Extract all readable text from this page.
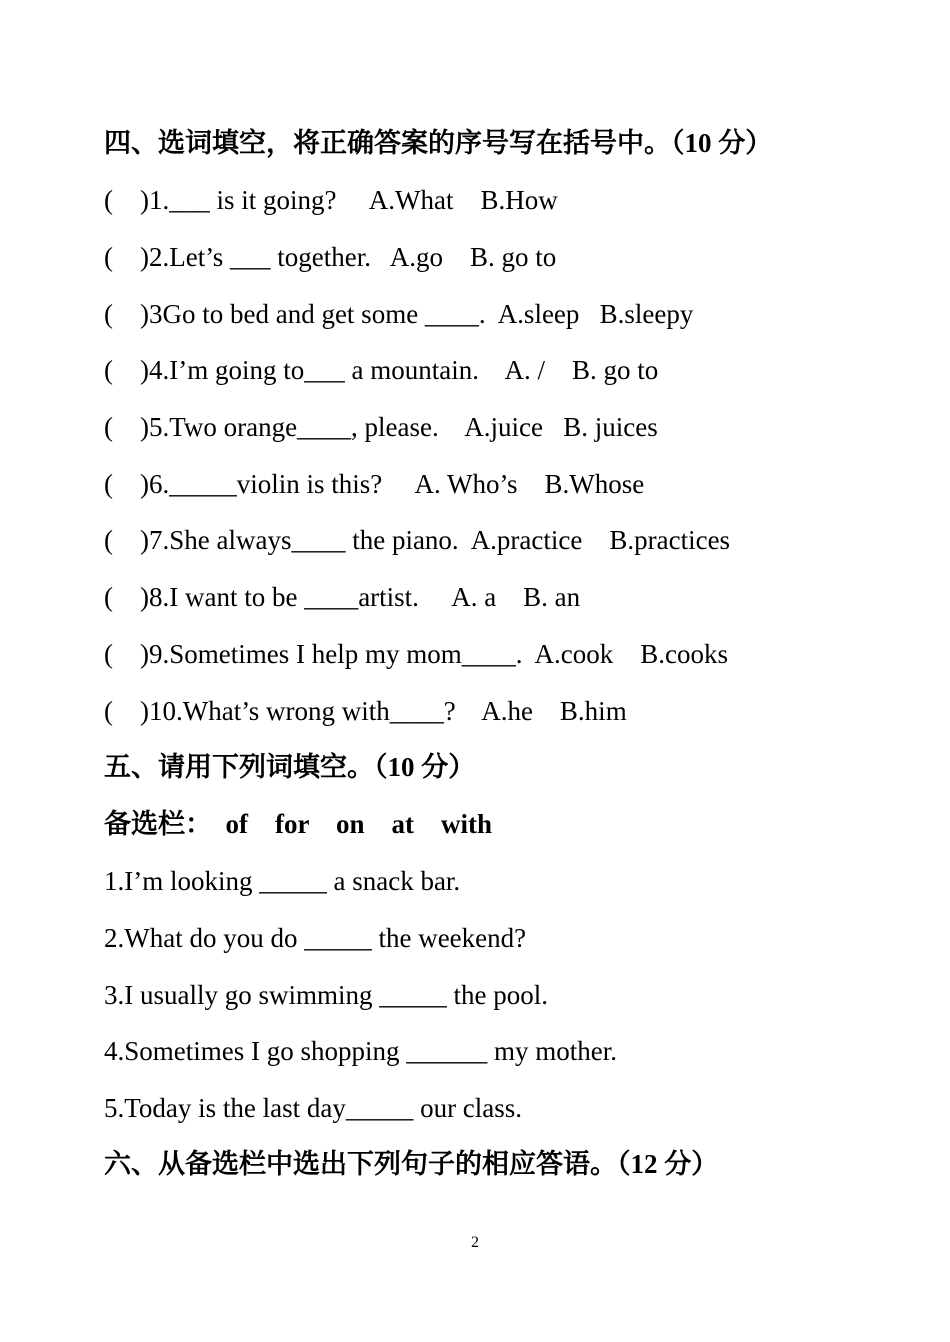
四、选词填空，将正确答案的序号写在括号中。（10 分）
(    )1.___ is it going?     A.What    B.How
(    )2.Let’s ___ together.   A.go    B. go to
(    )3Go to bed and get some ____.  A.sleep   B.sleepy
(    )4.I’m going to___ a mountain.    A. /    B. go to
(    )5.Two orange____, please.    A.juice   B. juices
(    )6._____violin is this?     A. Who’s    B.Whose
(    )7.She always____ the piano.  A.practice    B.practices
(    )8.I want to be ____artist.     A. a    B. an
(    )9.Sometimes I help my mom____.  A.cook    B.cooks
(    )10.What’s wrong with____?    A.he    B.him
五、请用下列词填空。（10 分）
备选栏：  of    for    on    at    with
1.I’m looking _____ a snack bar.
2.What do you do _____ the weekend?
3.I usually go swimming _____ the pool.
4.Sometimes I go shopping ______ my mother.
5.Today is the last day_____ our class.
六、从备选栏中选出下列句子的相应答语。（12 分）
2
